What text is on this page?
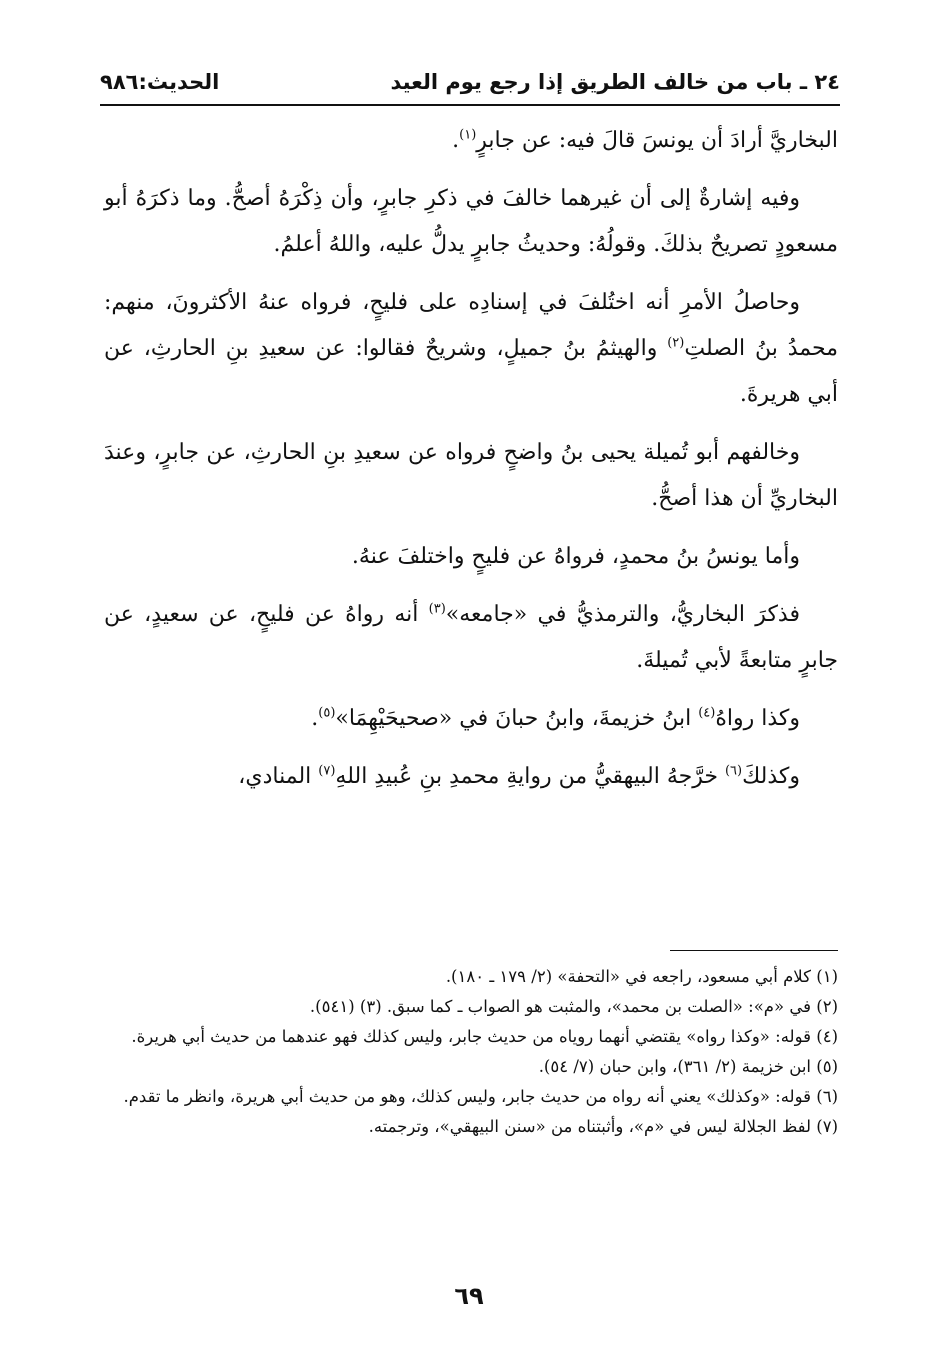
٢٤ ـ باب من خالف الطريق إذا رجع يوم العيد
الحديث:٩٨٦

البخاريَّ أرادَ أن يونسَ قالَ فيه: عن جابرٍ$^{(١)}$.

وفيه إشارةٌ إلى أن غيرهما خالفَ في ذكرِ جابرٍ، وأن ذِكْرَهُ أصحُّ. وما ذكرَهُ أبو مسعودٍ تصريحٌ بذلكَ. وقولُهُ: وحديثُ جابرٍ يدلُّ عليه، واللهُ أعلمُ.

وحاصلُ الأمرِ أنه اختُلفَ في إسنادِه على فليحٍ، فرواه عنهُ الأكثرونَ، منهم: محمدُ بنُ الصلتِ$^{(٢)}$ والهيثمُ بنُ جميلٍ، وشريحٌ فقالوا: عن سعيدِ بنِ الحارثِ، عن أبي هريرةَ.

وخالفهم أبو تُميلة يحيى بنُ واضحٍ فرواه عن سعيدِ بنِ الحارثِ، عن جابرٍ، وعندَ البخاريِّ أن هذا أصحُّ.

وأما يونسُ بنُ محمدٍ، فرواهُ عن فليحٍ واختلفَ عنهُ.

فذكرَ البخاريُّ، والترمذيُّ في «جامعه»$^{(٣)}$ أنه رواهُ عن فليحٍ، عن سعيدٍ، عن جابرٍ متابعةً لأبي تُميلةَ.

وكذا رواهُ$^{(٤)}$ ابنُ خزيمةَ، وابنُ حبانَ في «صحيحَيْهِمَا»$^{(٥)}$.

وكذلكَ$^{(٦)}$ خرَّجهُ البيهقيُّ من روايةِ محمدِ بنِ عُبيدِ اللهِ$^{(٧)}$ المنادي،

(١) كلام أبي مسعود، راجعه في «التحفة» (٢/ ١٧٩ ـ ١٨٠).

(٢) في «م»: «الصلت بن محمد»، والمثبت هو الصواب ـ كما سبق. (٣) (٥٤١).

(٤) قوله: «وكذا رواه» يقتضي أنهما روياه من حديث جابر، وليس كذلك فهو عندهما من حديث أبي هريرة.

(٥) ابن خزيمة (٢/ ٣٦١)، وابن حبان (٧/ ٥٤).

(٦) قوله: «وكذلك» يعني أنه رواه من حديث جابر، وليس كذلك، وهو من حديث أبي هريرة، وانظر ما تقدم.

(٧) لفظ الجلالة ليس في «م»، وأثبتناه من «سنن البيهقي»، وترجمته.

٦٩
